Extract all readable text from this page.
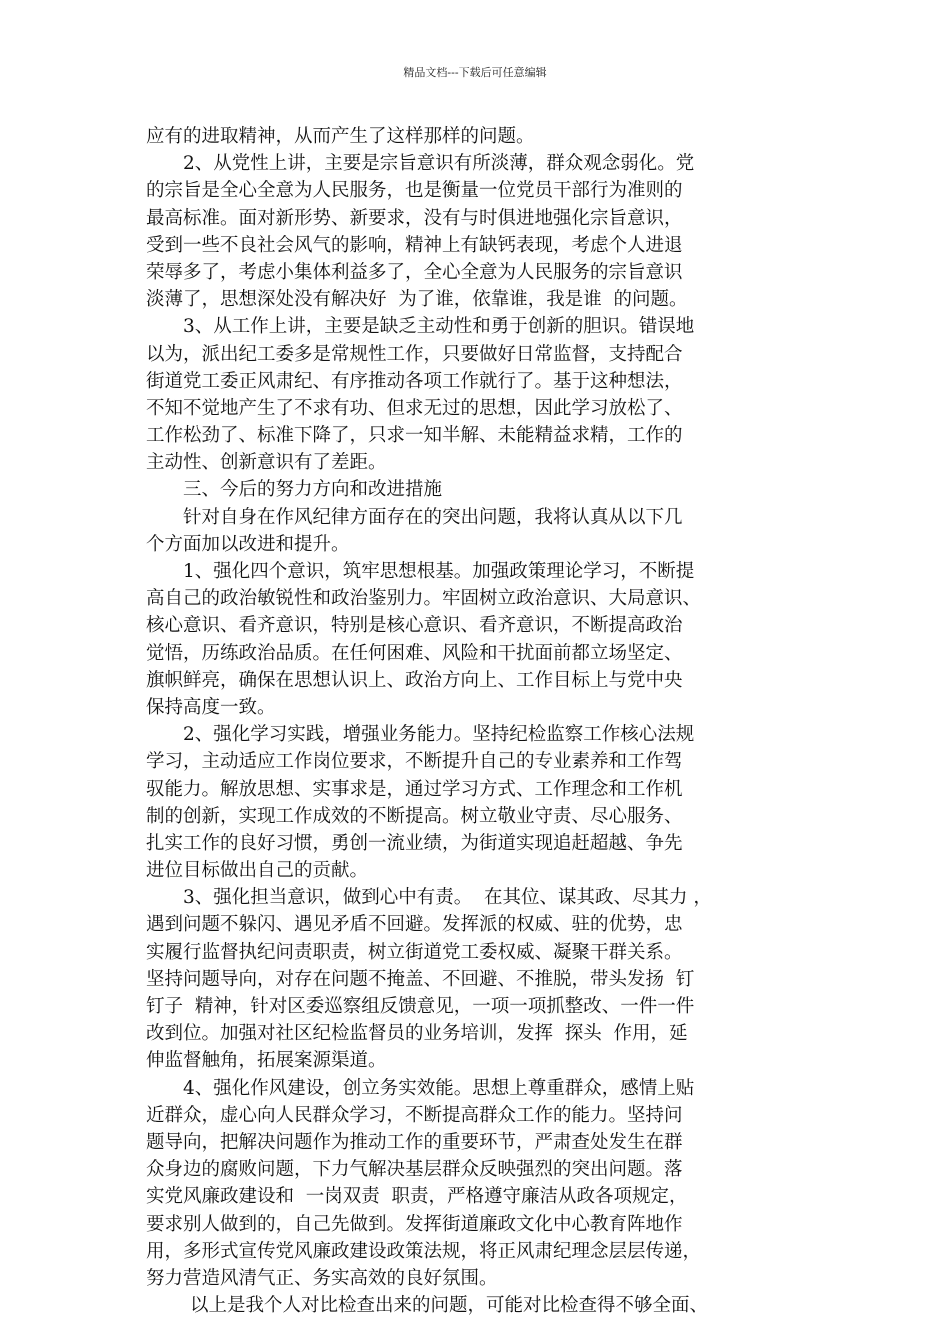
精品文档---下载后可任意编辑
应有的进取精神，从而产生了这样那样的问题。
2、从党性上讲，主要是宗旨意识有所淡薄，群众观念弱化。党
的宗旨是全心全意为人民服务，也是衡量一位党员干部行为准则的
最高标准。面对新形势、新要求，没有与时俱进地强化宗旨意识，
受到一些不良社会风气的影响，精神上有缺钙表现，考虑个人进退
荣辱多了，考虑小集体利益多了，全心全意为人民服务的宗旨意识
淡薄了，思想深处没有解决好  为了谁，依靠谁，我是谁  的问题。
3、从工作上讲，主要是缺乏主动性和勇于创新的胆识。错误地
以为，派出纪工委多是常规性工作，只要做好日常监督，支持配合
街道党工委正风肃纪、有序推动各项工作就行了。基于这种想法，
不知不觉地产生了不求有功、但求无过的思想，因此学习放松了、
工作松劲了、标准下降了，只求一知半解、未能精益求精，工作的
主动性、创新意识有了差距。
三、今后的努力方向和改进措施
针对自身在作风纪律方面存在的突出问题，我将认真从以下几
个方面加以改进和提升。
1、强化四个意识，筑牢思想根基。加强政策理论学习，不断提
高自己的政治敏锐性和政治鉴别力。牢固树立政治意识、大局意识、
核心意识、看齐意识，特别是核心意识、看齐意识，不断提高政治
觉悟，历练政治品质。在任何困难、风险和干扰面前都立场坚定、
旗帜鲜亮，确保在思想认识上、政治方向上、工作目标上与党中央
保持高度一致。
2、强化学习实践，增强业务能力。坚持纪检监察工作核心法规
学习，主动适应工作岗位要求，不断提升自己的专业素养和工作驾
驭能力。解放思想、实事求是，通过学习方式、工作理念和工作机
制的创新，实现工作成效的不断提高。树立敬业守责、尽心服务、
扎实工作的良好习惯，勇创一流业绩，为街道实现追赶超越、争先
进位目标做出自己的贡献。
3、强化担当意识，做到心中有责。  在其位、谋其政、尽其力 ，
遇到问题不躲闪、遇见矛盾不回避。发挥派的权威、驻的优势，忠
实履行监督执纪问责职责，树立街道党工委权威、凝聚干群关系。
坚持问题导向，对存在问题不掩盖、不回避、不推脱，带头发扬  钉
钉子  精神，针对区委巡察组反馈意见，一项一项抓整改、一件一件
改到位。加强对社区纪检监督员的业务培训，发挥  探头  作用，延
伸监督触角，拓展案源渠道。
4、强化作风建设，创立务实效能。思想上尊重群众，感情上贴
近群众，虚心向人民群众学习，不断提高群众工作的能力。坚持问
题导向，把解决问题作为推动工作的重要环节，严肃查处发生在群
众身边的腐败问题，下力气解决基层群众反映强烈的突出问题。落
实党风廉政建设和  一岗双责  职责，严格遵守廉洁从政各项规定，
要求别人做到的，自己先做到。发挥街道廉政文化中心教育阵地作
用，多形式宣传党风廉政建设政策法规，将正风肃纪理念层层传递，
努力营造风清气正、务实高效的良好氛围。
以上是我个人对比检查出来的问题，可能对比检查得不够全面、
